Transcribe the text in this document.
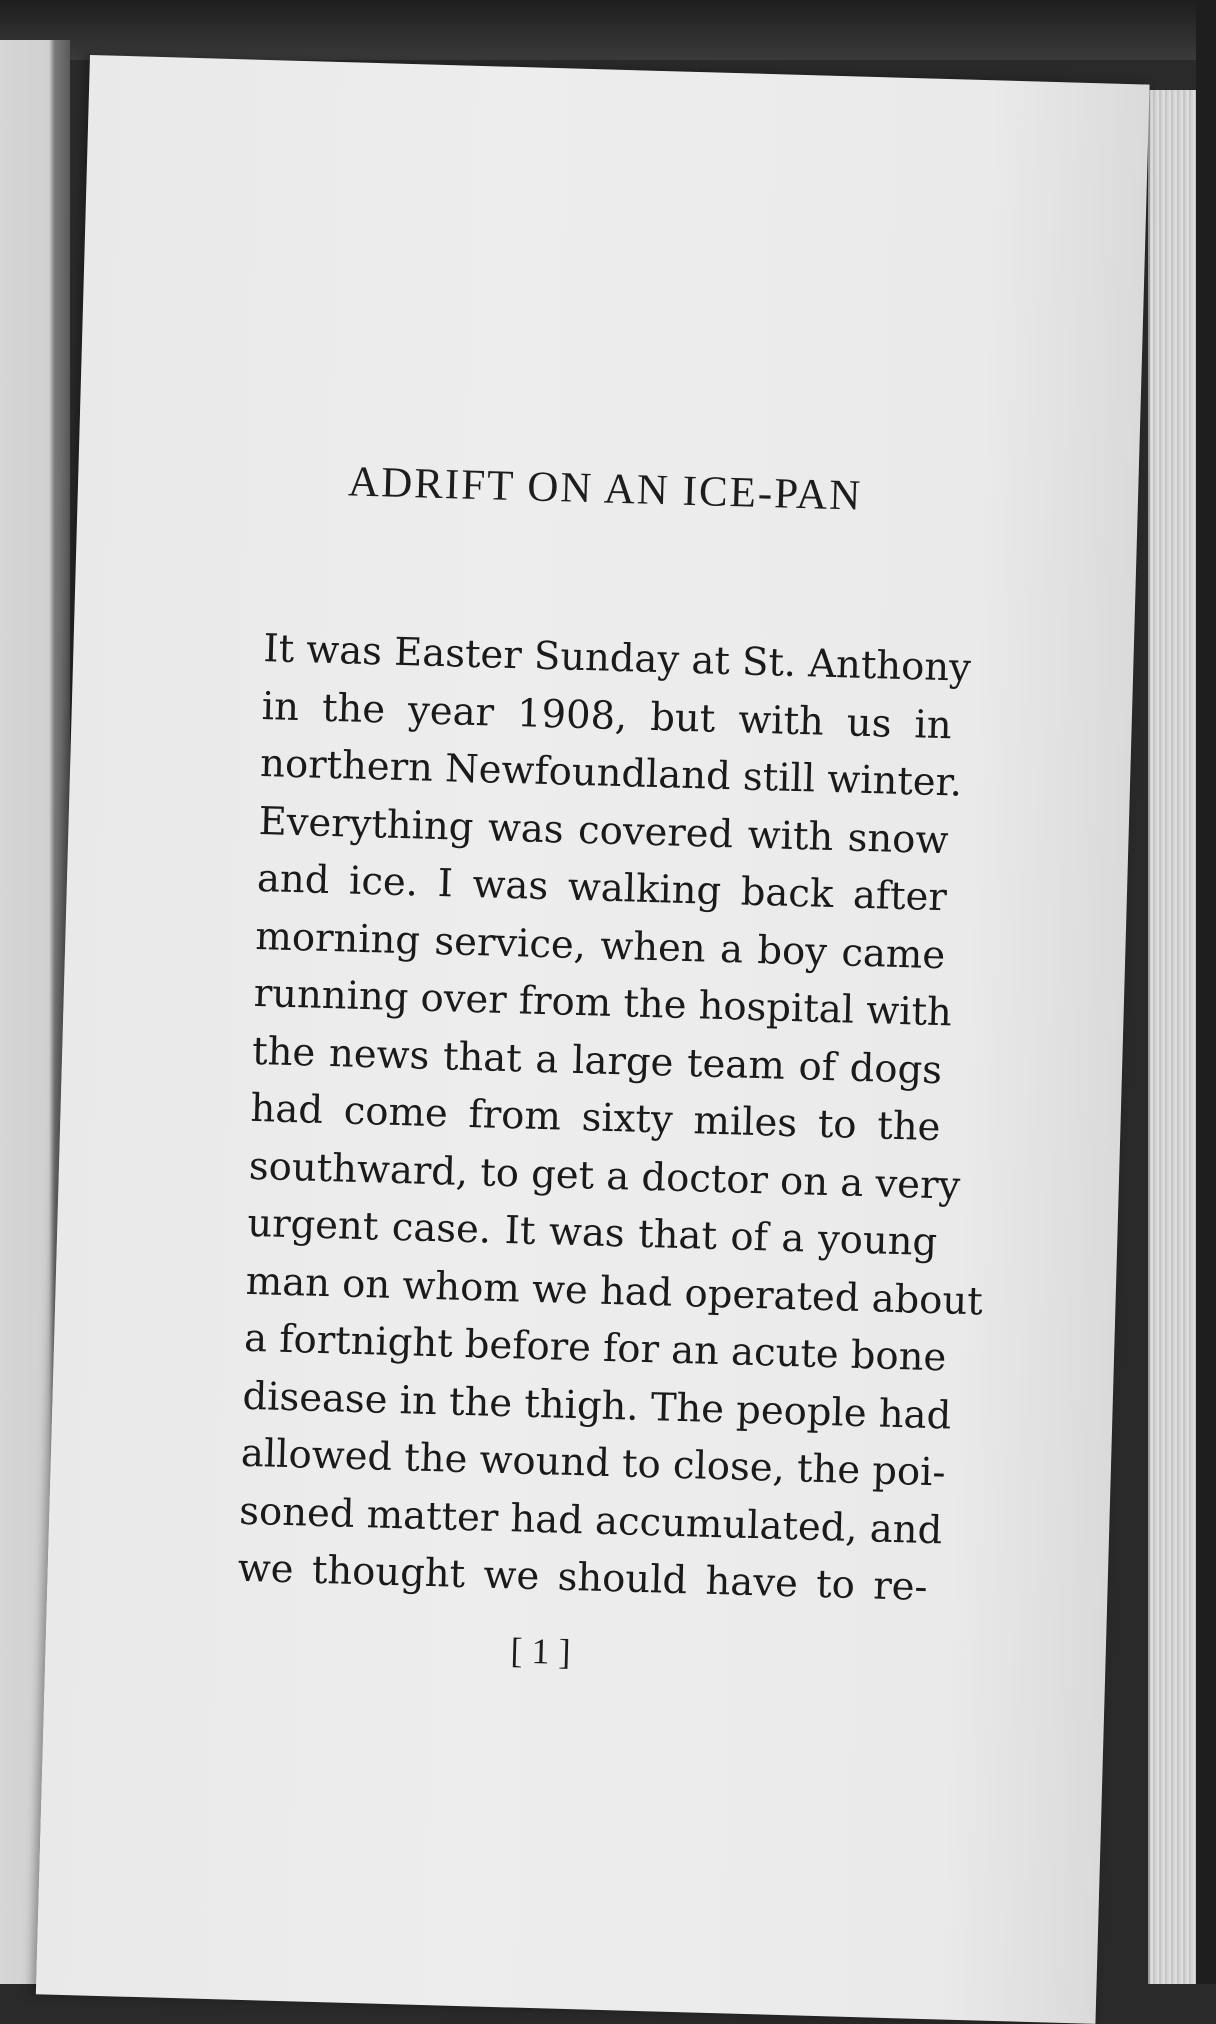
ADRIFT ON AN ICE-PAN
It was Easter Sunday at St. Anthony
in the year 1908, but with us in
northern Newfoundland still winter.
Everything was covered with snow
and ice. I was walking back after
morning service, when a boy came
running over from the hospital with
the news that a large team of dogs
had come from sixty miles to the
southward, to get a doctor on a very
urgent case. It was that of a young
man on whom we had operated about
a fortnight before for an acute bone
disease in the thigh. The people had
allowed the wound to close, the poi-
soned matter had accumulated, and
we thought we should have to re-
[ 1 ]
